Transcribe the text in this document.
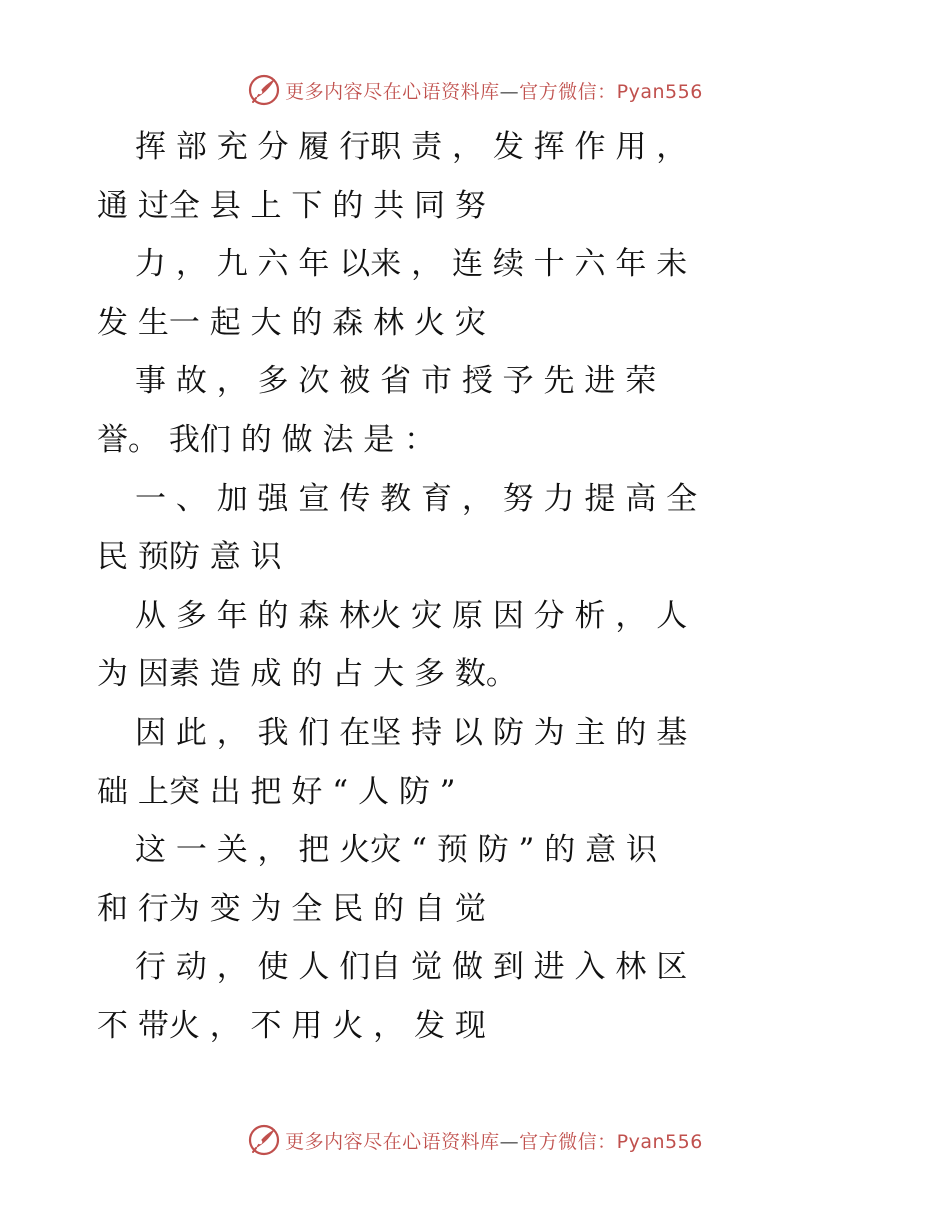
更多内容尽在心语资料库—官方微信：Pyan556
挥 部 充 分 履 行职 责 ， 发 挥 作 用 ，
通 过全 县 上 下 的 共 同 努
力 ， 九 六 年 以来 ， 连 续 十 六 年 未
发 生一 起 大 的 森 林 火 灾
事 故 ， 多 次 被 省 市 授 予 先 进 荣
誉。 我们 的 做 法 是 ：
一 、 加 强 宣 传 教 育 ， 努 力 提 高 全
民 预防 意 识
从 多 年 的 森 林火 灾 原 因 分 析 ， 人
为 因素 造 成 的 占 大 多 数。
因 此 ， 我 们 在坚 持 以 防 为 主 的 基
础 上突 出 把 好 “ 人 防 ”
这 一 关 ， 把 火灾 “ 预 防 ” 的 意 识
和 行为 变 为 全 民 的 自 觉
行 动 ， 使 人 们自 觉 做 到 进 入 林 区
不 带火 ， 不 用 火 ， 发 现
更多内容尽在心语资料库—官方微信：Pyan556
